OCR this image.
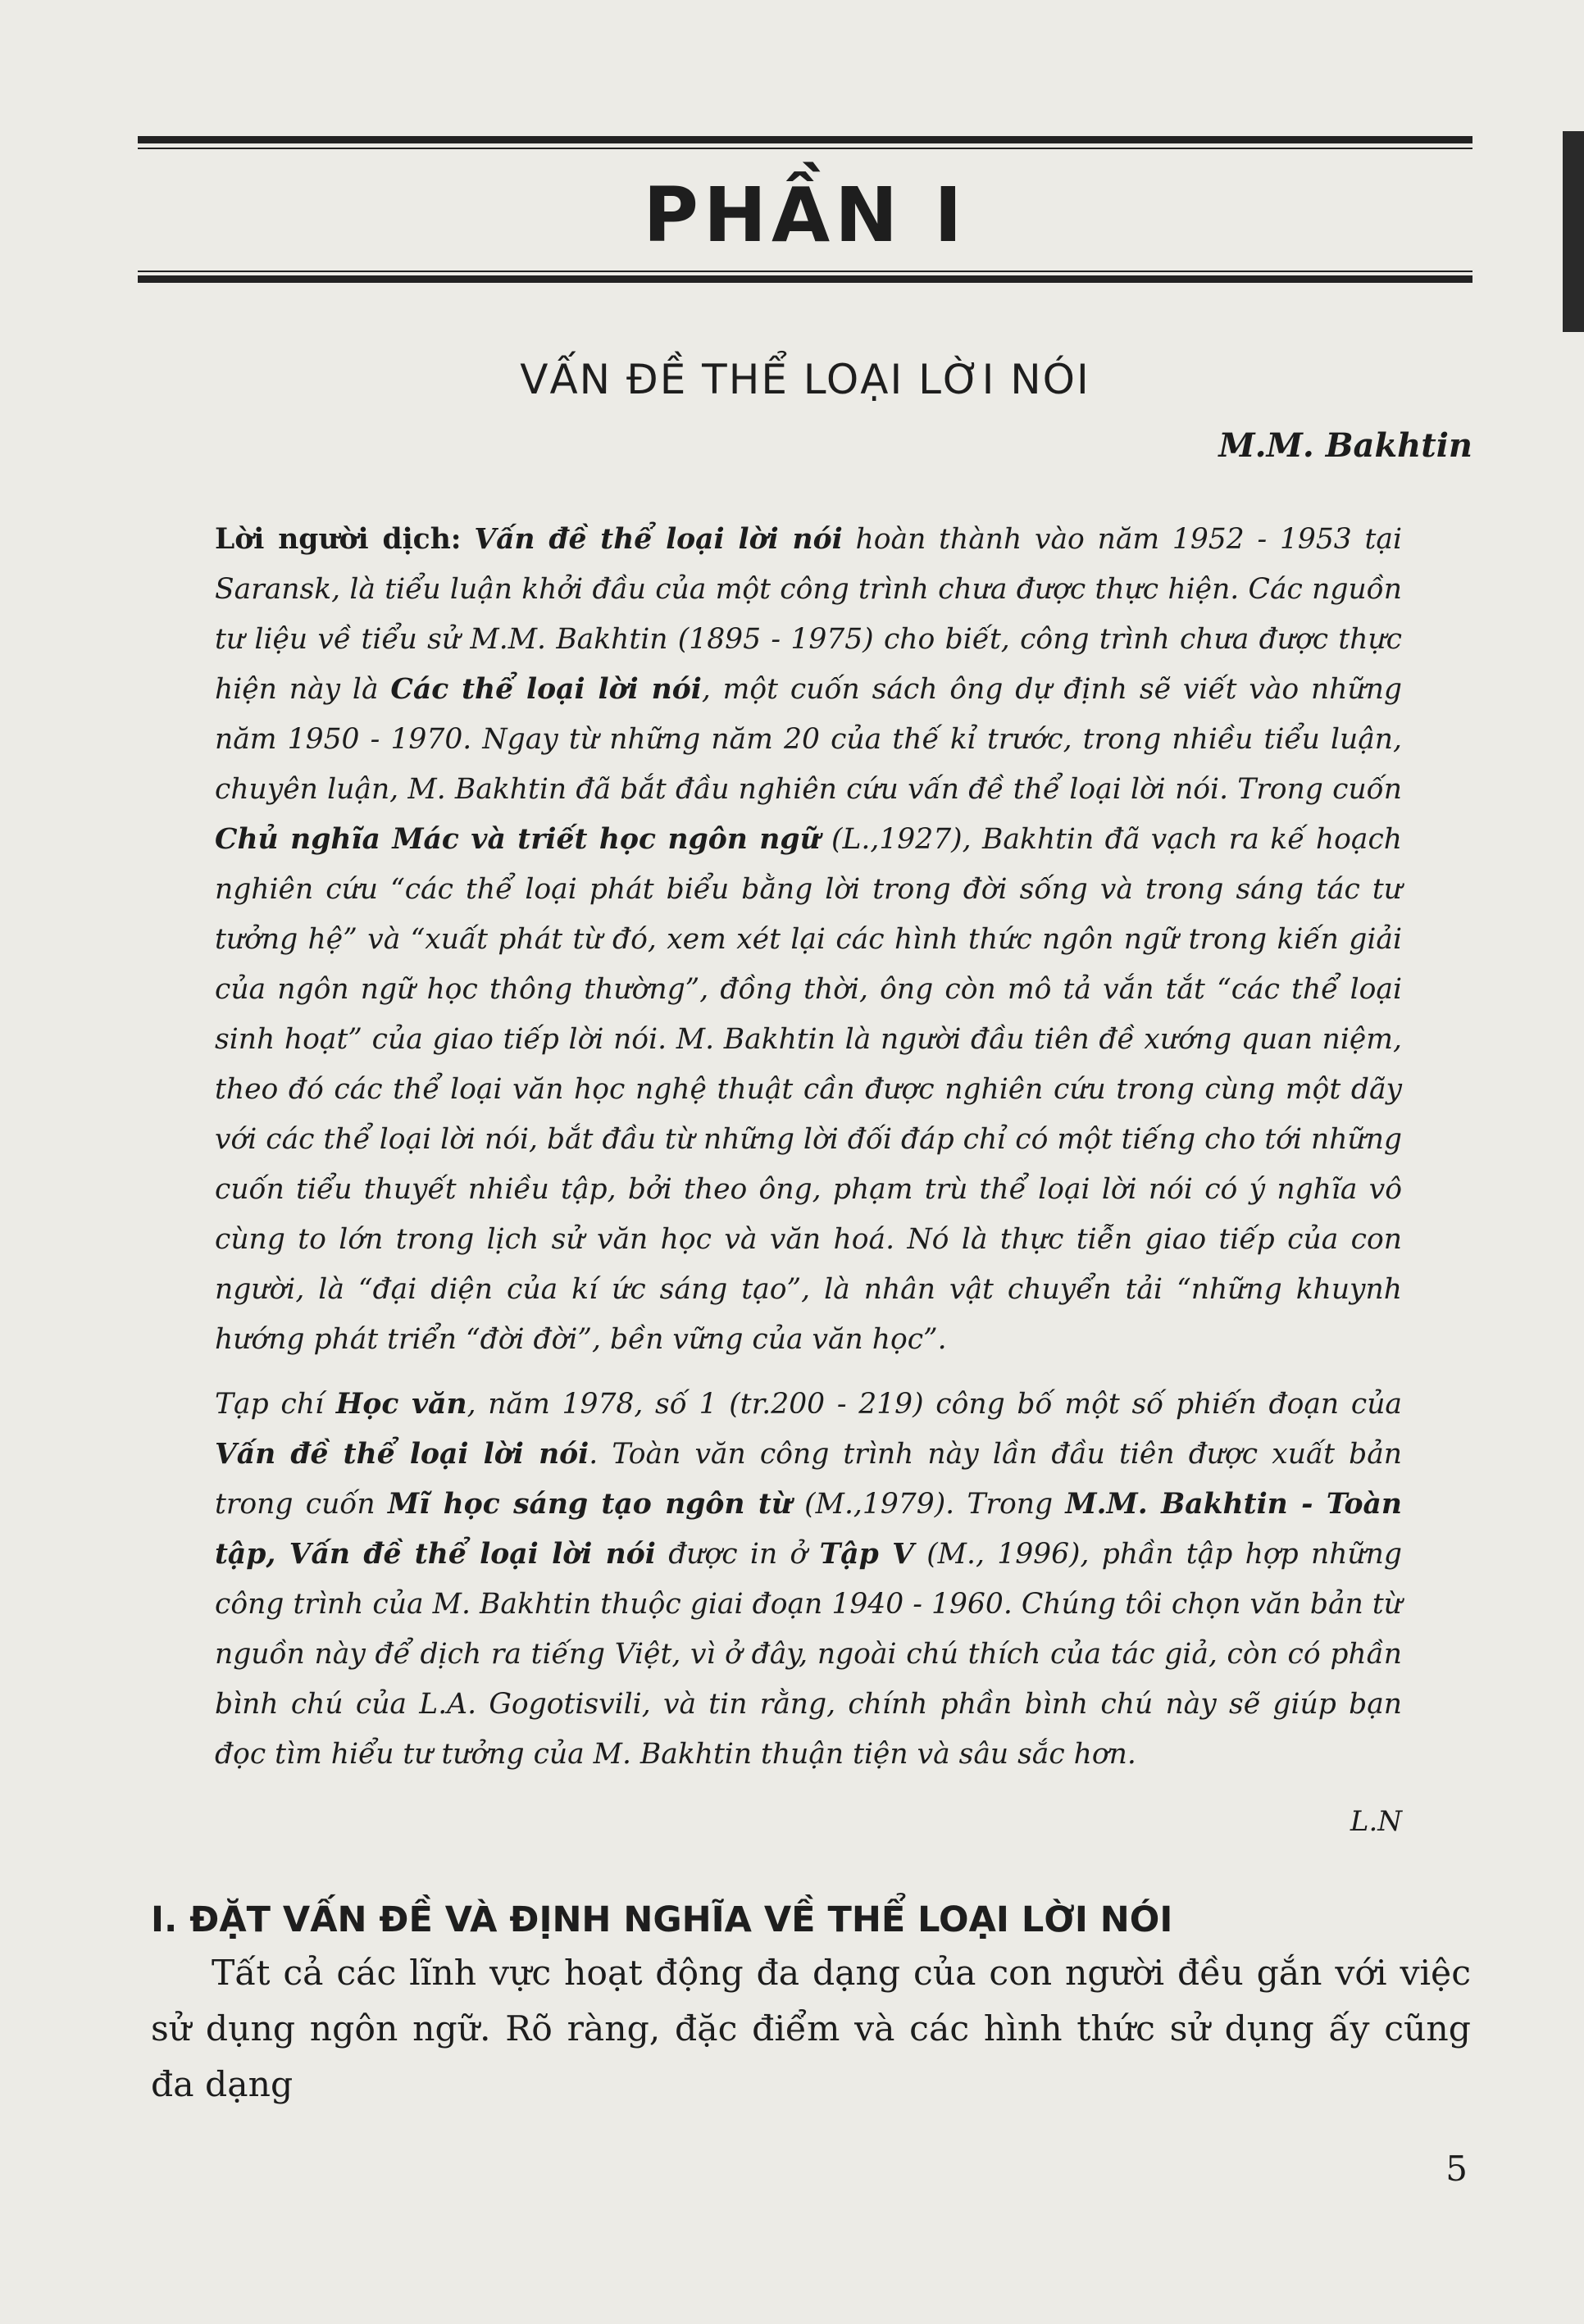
PHẦN I
VẤN ĐỀ THỂ LOẠI LỜI NÓI
M.M. Bakhtin

Lời người dịch: Vấn đề thể loại lời nói hoàn thành vào năm 1952 - 1953 tại Saransk, là tiểu luận khởi đầu của một công trình chưa được thực hiện. Các nguồn tư liệu về tiểu sử M.M. Bakhtin (1895 - 1975) cho biết, công trình chưa được thực hiện này là Các thể loại lời nói, một cuốn sách ông dự định sẽ viết vào những năm 1950 - 1970. Ngay từ những năm 20 của thế kỉ trước, trong nhiều tiểu luận, chuyên luận, M. Bakhtin đã bắt đầu nghiên cứu vấn đề thể loại lời nói. Trong cuốn Chủ nghĩa Mác và triết học ngôn ngữ (L.,1927), Bakhtin đã vạch ra kế hoạch nghiên cứu “các thể loại phát biểu bằng lời trong đời sống và trong sáng tác tư tưởng hệ” và “xuất phát từ đó, xem xét lại các hình thức ngôn ngữ trong kiến giải của ngôn ngữ học thông thường”, đồng thời, ông còn mô tả vắn tắt “các thể loại sinh hoạt” của giao tiếp lời nói. M. Bakhtin là người đầu tiên đề xướng quan niệm, theo đó các thể loại văn học nghệ thuật cần được nghiên cứu trong cùng một dãy với các thể loại lời nói, bắt đầu từ những lời đối đáp chỉ có một tiếng cho tới những cuốn tiểu thuyết nhiều tập, bởi theo ông, phạm trù thể loại lời nói có ý nghĩa vô cùng to lớn trong lịch sử văn học và văn hoá. Nó là thực tiễn giao tiếp của con người, là “đại diện của kí ức sáng tạo”, là nhân vật chuyển tải “những khuynh hướng phát triển “đời đời”, bền vững của văn học”.

Tạp chí Học văn, năm 1978, số 1 (tr.200 - 219) công bố một số phiến đoạn của Vấn đề thể loại lời nói. Toàn văn công trình này lần đầu tiên được xuất bản trong cuốn Mĩ học sáng tạo ngôn từ (M.,1979). Trong M.M. Bakhtin - Toàn tập, Vấn đề thể loại lời nói được in ở Tập V (M., 1996), phần tập hợp những công trình của M. Bakhtin thuộc giai đoạn 1940 - 1960. Chúng tôi chọn văn bản từ nguồn này để dịch ra tiếng Việt, vì ở đây, ngoài chú thích của tác giả, còn có phần bình chú của L.A. Gogotisvili, và tin rằng, chính phần bình chú này sẽ giúp bạn đọc tìm hiểu tư tưởng của M. Bakhtin thuận tiện và sâu sắc hơn.

L.N
I. ĐẶT VẤN ĐỀ VÀ ĐỊNH NGHĨA VỀ THỂ LOẠI LỜI NÓI

Tất cả các lĩnh vực hoạt động đa dạng của con người đều gắn với việc sử dụng ngôn ngữ. Rõ ràng, đặc điểm và các hình thức sử dụng ấy cũng đa dạng

5
